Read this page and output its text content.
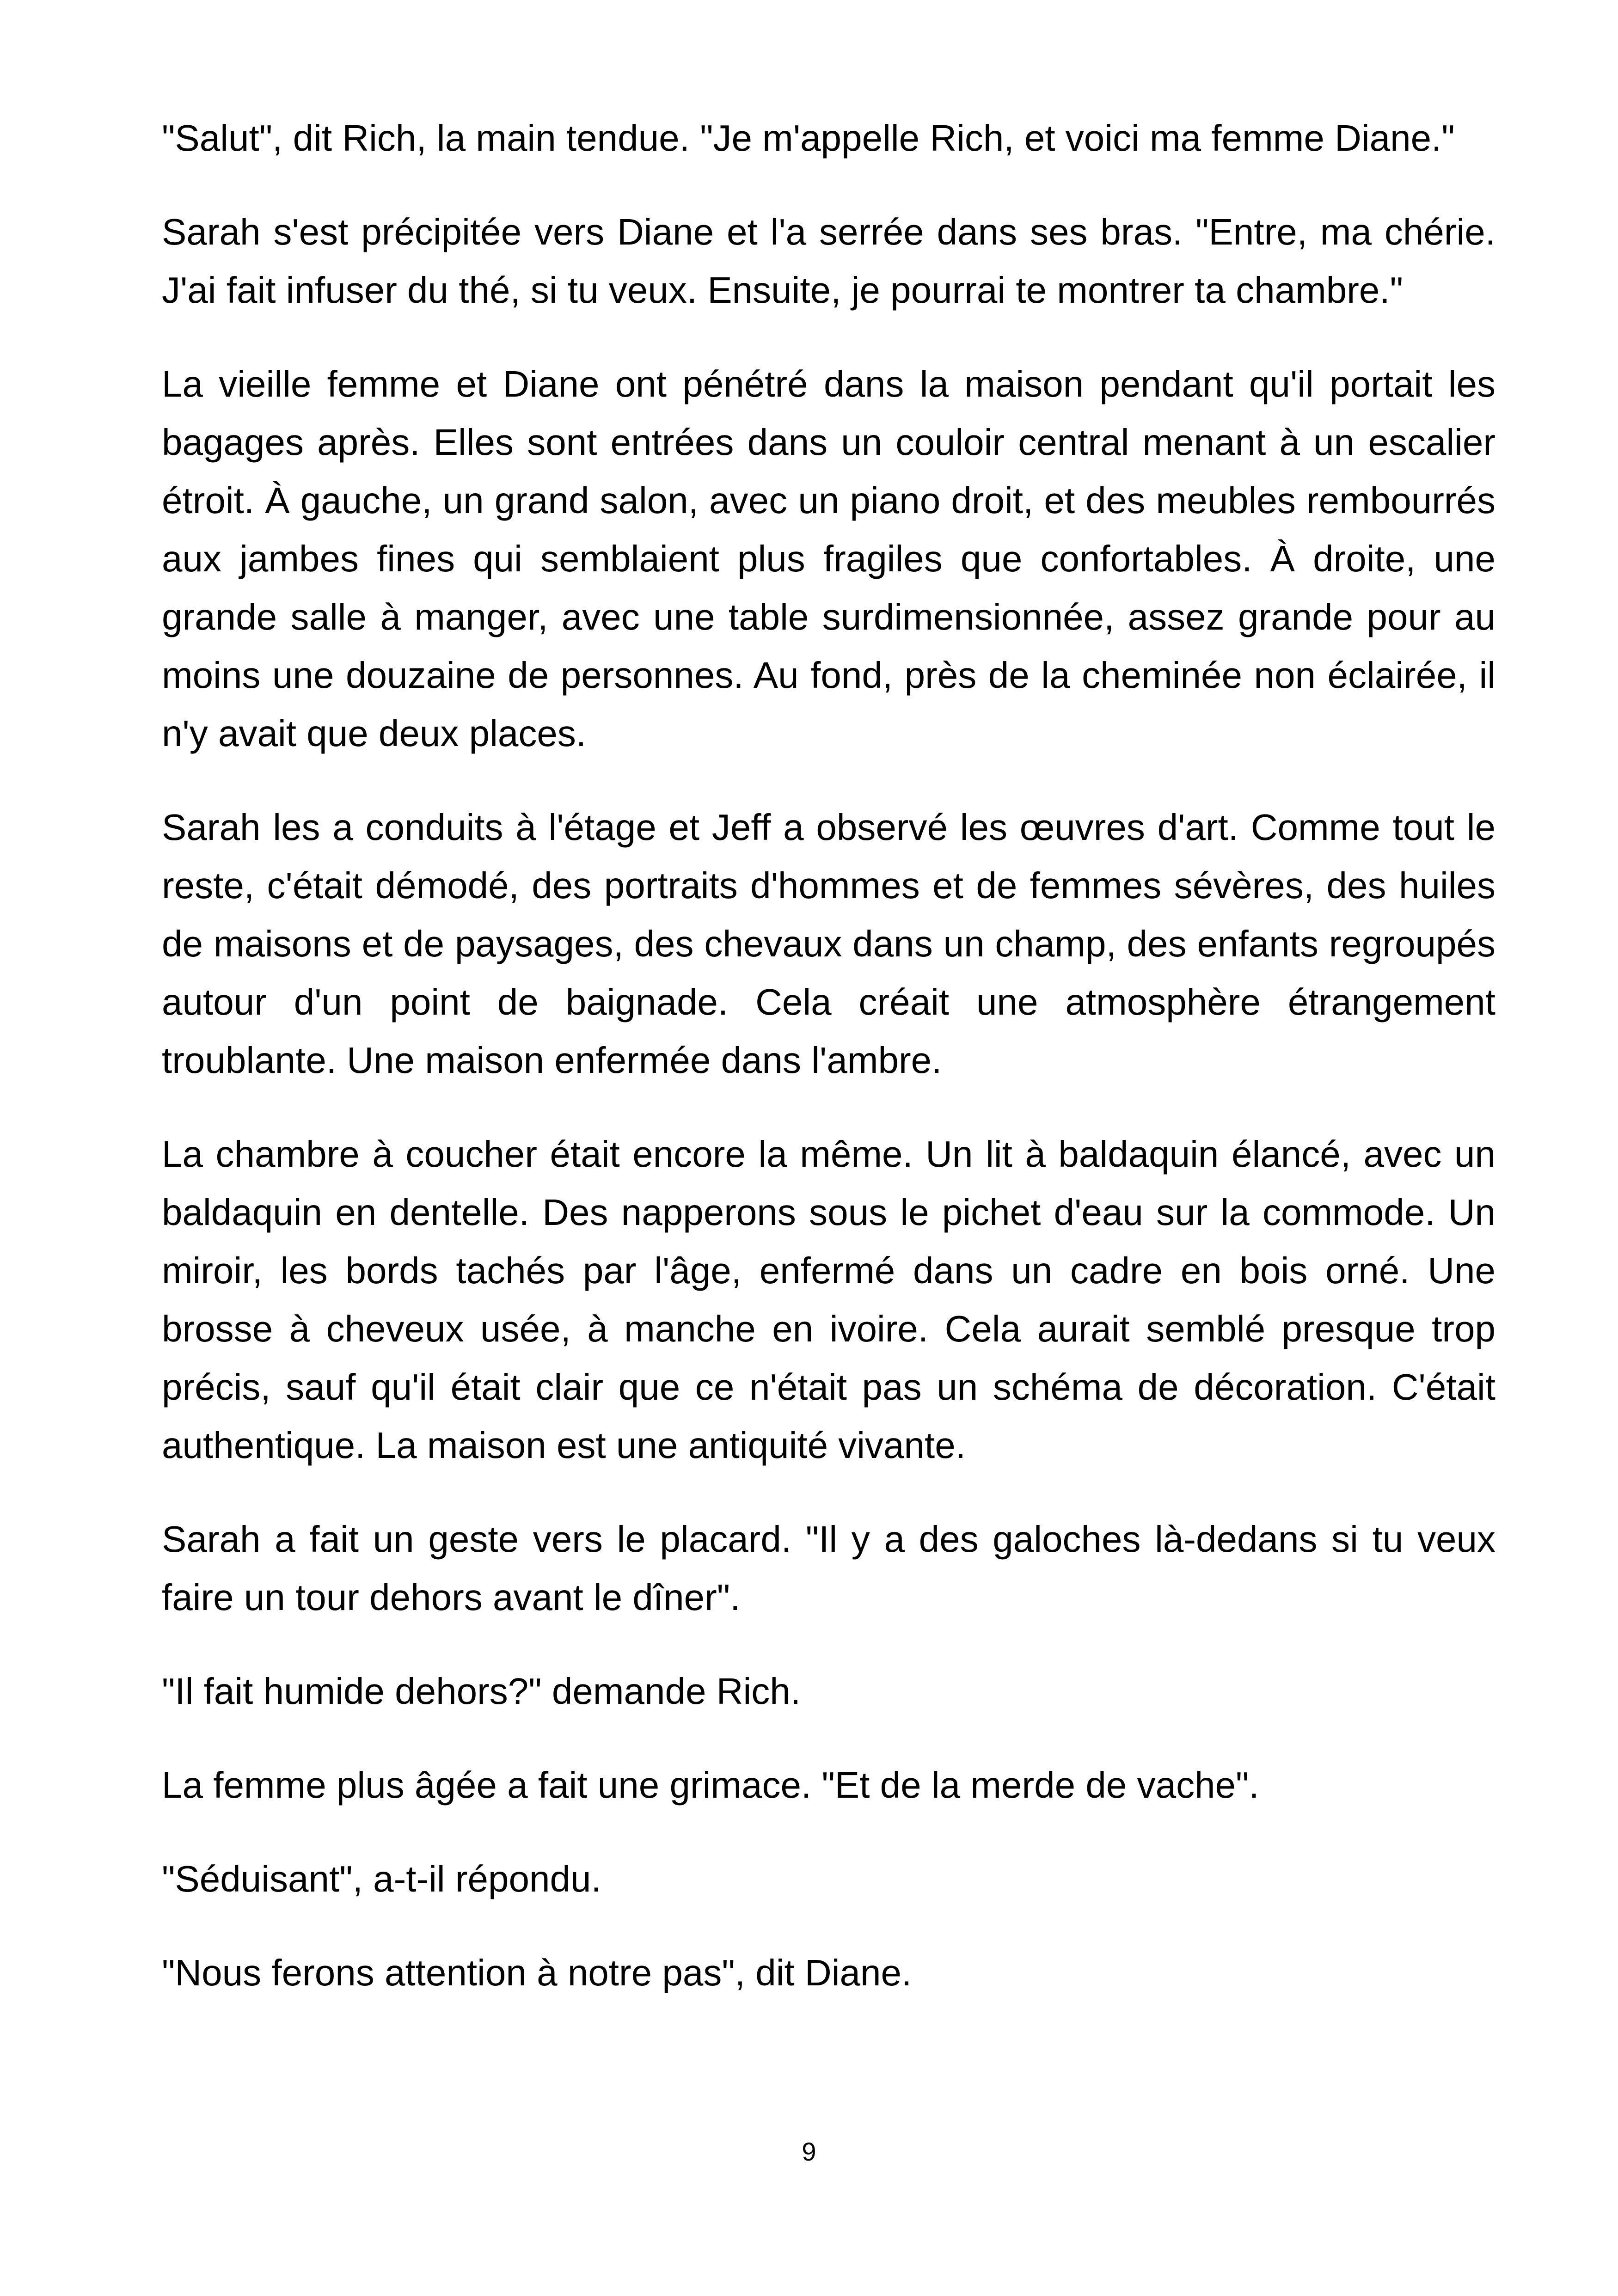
"Salut", dit Rich, la main tendue. "Je m'appelle Rich, et voici ma femme Diane."

Sarah s'est précipitée vers Diane et l'a serrée dans ses bras. "Entre, ma chérie. J'ai fait infuser du thé, si tu veux. Ensuite, je pourrai te montrer ta chambre."

La vieille femme et Diane ont pénétré dans la maison pendant qu'il portait les bagages après. Elles sont entrées dans un couloir central menant à un escalier étroit. À gauche, un grand salon, avec un piano droit, et des meubles rembourrés aux jambes fines qui semblaient plus fragiles que confortables. À droite, une grande salle à manger, avec une table surdimensionnée, assez grande pour au moins une douzaine de personnes. Au fond, près de la cheminée non éclairée, il n'y avait que deux places.

Sarah les a conduits à l'étage et Jeff a observé les œuvres d'art. Comme tout le reste, c'était démodé, des portraits d'hommes et de femmes sévères, des huiles de maisons et de paysages, des chevaux dans un champ, des enfants regroupés autour d'un point de baignade. Cela créait une atmosphère étrangement troublante. Une maison enfermée dans l'ambre.

La chambre à coucher était encore la même. Un lit à baldaquin élancé, avec un baldaquin en dentelle. Des napperons sous le pichet d'eau sur la commode. Un miroir, les bords tachés par l'âge, enfermé dans un cadre en bois orné. Une brosse à cheveux usée, à manche en ivoire. Cela aurait semblé presque trop précis, sauf qu'il était clair que ce n'était pas un schéma de décoration. C'était authentique. La maison est une antiquité vivante.

Sarah a fait un geste vers le placard. "Il y a des galoches là-dedans si tu veux faire un tour dehors avant le dîner".

"Il fait humide dehors?" demande Rich.

La femme plus âgée a fait une grimace. "Et de la merde de vache".

"Séduisant", a-t-il répondu.

"Nous ferons attention à notre pas", dit Diane.

9
